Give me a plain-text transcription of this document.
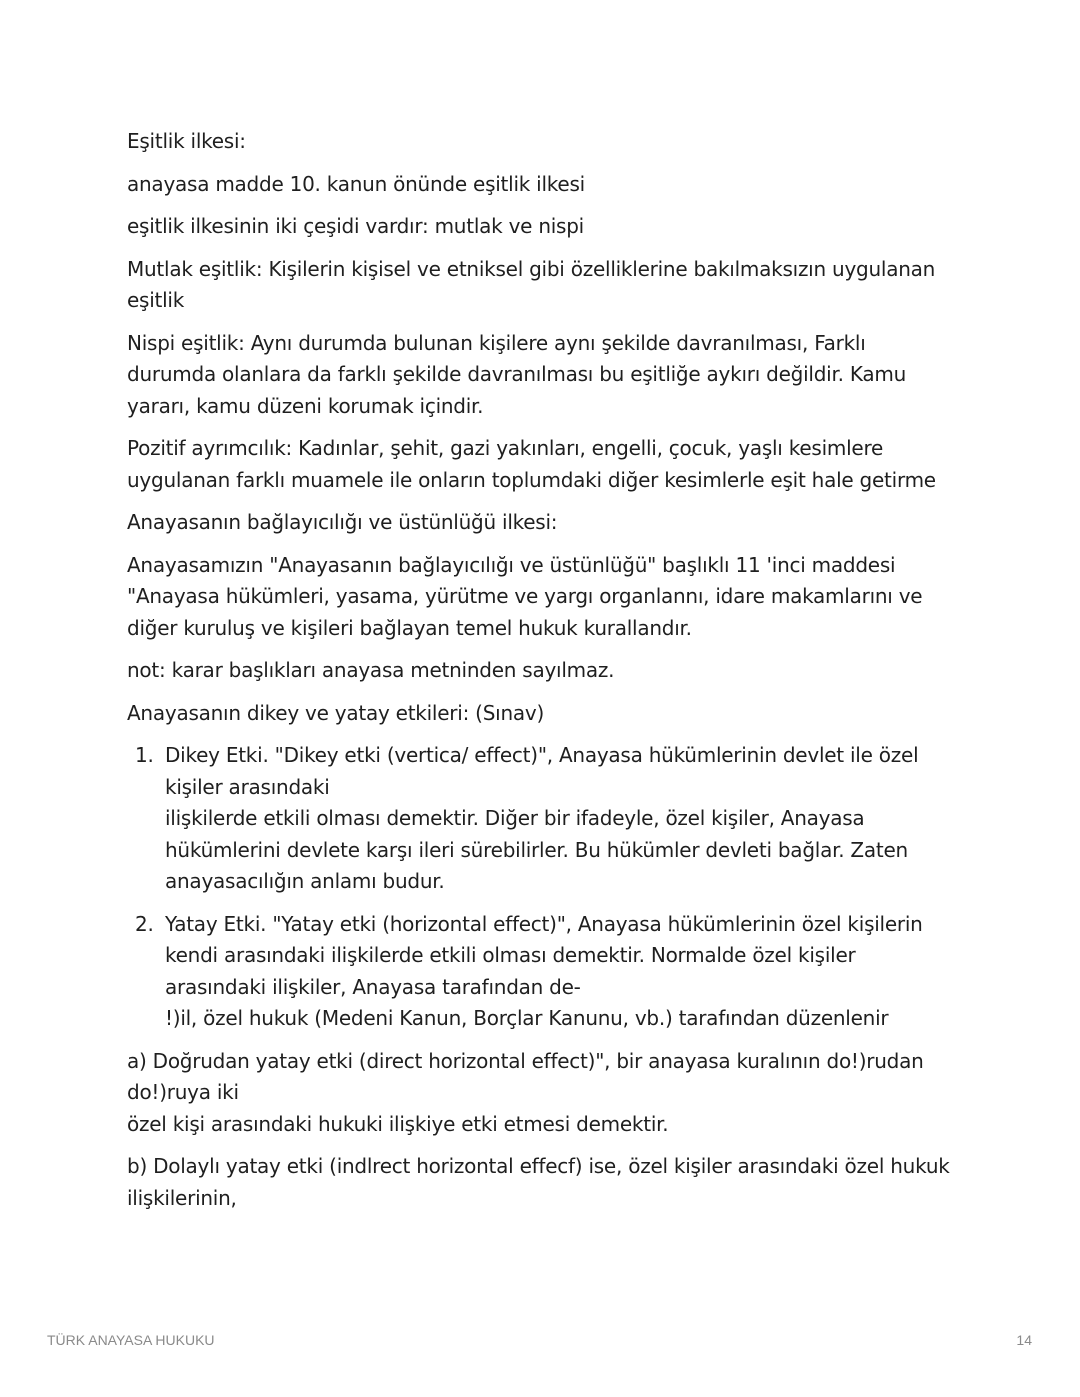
Eşitlik ilkesi:

anayasa madde 10. kanun önünde eşitlik ilkesi

eşitlik ilkesinin iki çeşidi vardır: mutlak ve nispi

Mutlak eşitlik: Kişilerin kişisel ve etniksel gibi özelliklerine bakılmaksızın uygulanan eşitlik

Nispi eşitlik: Aynı durumda bulunan kişilere aynı şekilde davranılması, Farklı durumda olanlara da farklı şekilde davranılması bu eşitliğe aykırı değildir. Kamu yararı, kamu düzeni korumak içindir.

Pozitif ayrımcılık: Kadınlar, şehit, gazi yakınları, engelli, çocuk, yaşlı kesimlere uygulanan farklı muamele ile onların toplumdaki diğer kesimlerle eşit hale getirme

Anayasanın bağlayıcılığı ve üstünlüğü ilkesi:

Anayasamızın "Anayasanın bağlayıcılığı ve üstünlüğü" başlıklı 11 'inci maddesi "Anayasa hükümleri, yasama, yürütme ve yargı organlannı, idare makamlarını ve diğer kuruluş ve kişileri bağlayan temel hukuk kurallandır.

not: karar başlıkları anayasa metninden sayılmaz.

Anayasanın dikey ve yatay etkileri: (Sınav)

1. Dikey Etki. "Dikey etki (vertica/ effect)", Anayasa hükümlerinin devlet ile özel kişiler arasındaki
ilişkilerde etkili olması demektir. Diğer bir ifadeyle, özel kişiler, Anayasa hükümlerini devlete karşı ileri sürebilirler. Bu hükümler devleti bağlar. Zaten anayasacılığın anlamı budur.
2. Yatay Etki. "Yatay etki (horizontal effect)", Anayasa hükümlerinin özel kişilerin kendi arasındaki ilişkilerde etkili olması demektir. Normalde özel kişiler arasındaki ilişkiler, Anayasa tarafından de-
!)il, özel hukuk (Medeni Kanun, Borçlar Kanunu, vb.) tarafından düzenlenir

a) Doğrudan yatay etki (direct horizontal effect)", bir anayasa kuralının do!)rudan do!)ruya iki
özel kişi arasındaki hukuki ilişkiye etki etmesi demektir.

b) Dolaylı yatay etki (indlrect horizontal effecf) ise, özel kişiler arasındaki özel hukuk ilişkilerinin,

TÜRK ANAYASA HUKUKU	14
